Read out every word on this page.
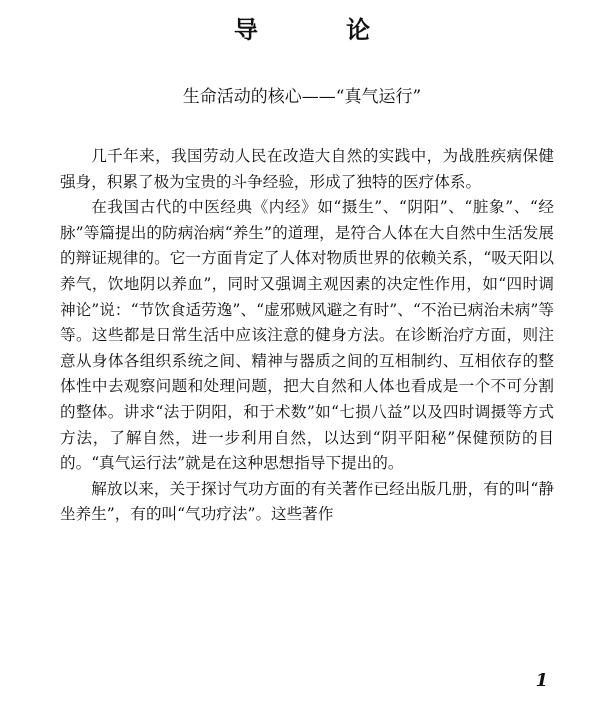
导 论
生命活动的核心——“真气运行”

几千年来，我国劳动人民在改造大自然的实践中，为战胜疾病保健强身，积累了极为宝贵的斗争经验，形成了独特的医疗体系。

在我国古代的中医经典《内经》如“摄生”、“阴阳”、“脏象”、“经脉”等篇提出的防病治病“养生”的道理，是符合人体在大自然中生活发展的辩证规律的。它一方面肯定了人体对物质世界的依赖关系，“吸天阳以养气，饮地阴以养血”，同时又强调主观因素的决定性作用，如“四时调神论”说：“节饮食适劳逸”、“虚邪贼风避之有时”、“不治已病治未病”等等。这些都是日常生活中应该注意的健身方法。在诊断治疗方面，则注意从身体各组织系统之间、精神与器质之间的互相制约、互相依存的整体性中去观察问题和处理问题，把大自然和人体也看成是一个不可分割的整体。讲求“法于阴阳，和于术数”如“七损八益”以及四时调摄等方式方法，了解自然，进一步利用自然，以达到“阴平阳秘”保健预防的目的。“真气运行法”就是在这种思想指导下提出的。

解放以来，关于探讨气功方面的有关著作已经出版几册，有的叫“静坐养生”，有的叫“气功疗法”。这些著作

1
